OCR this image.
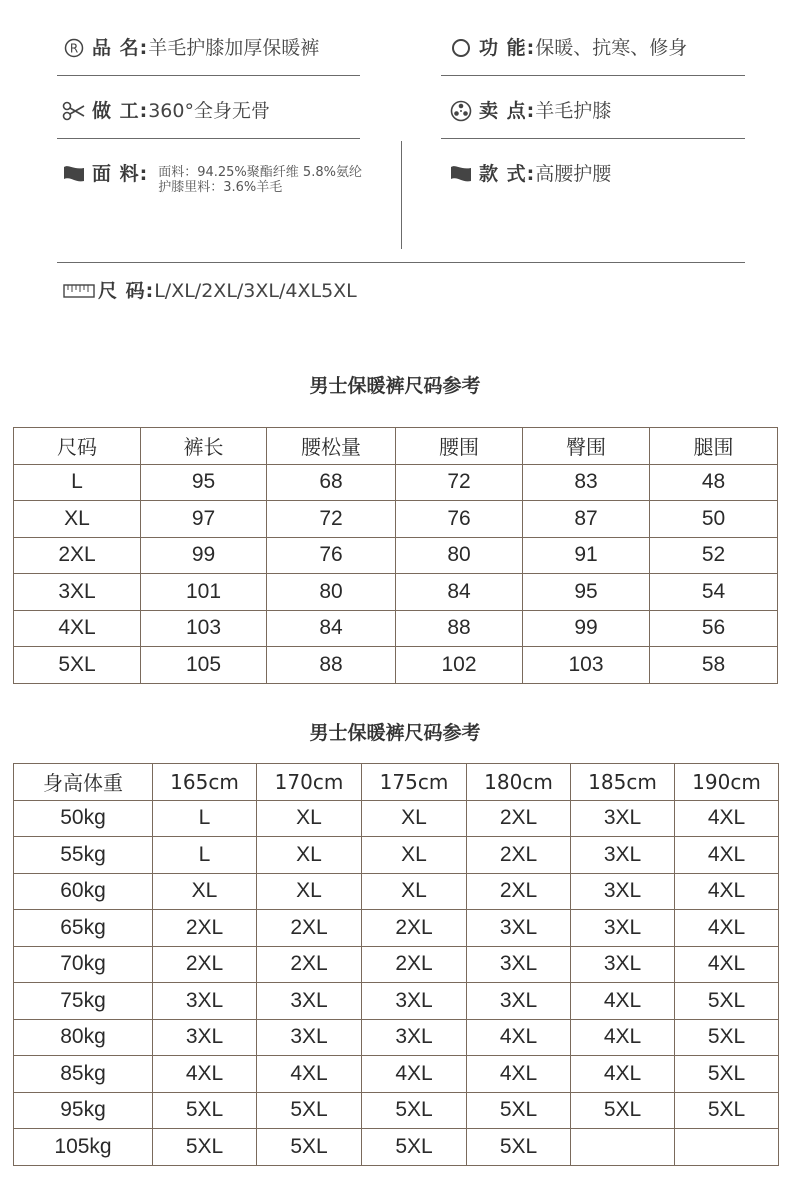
R 品 名: 羊毛护膝加厚保暖裤	功 能: 保暖、抗寒、修身
做 工: 360°全身无骨	卖 点: 羊毛护膝
面 料: 面料：94.25%聚酯纤维 5.8%氨纶
护膝里料：3.6%羊毛
款 式: 高腰护腰
尺 码: L/XL/2XL/3XL/4XL5XL
男士保暖裤尺码参考
尺码	裤长	腰松量	腰围	臀围	腿围
L	95	68	72	83	48
XL	97	72	76	87	50
2XL	99	76	80	91	52
3XL	101	80	84	95	54
4XL	103	84	88	99	56
5XL	105	88	102	103	58
男士保暖裤尺码参考
身高体重	165cm	170cm	175cm	180cm	185cm	190cm
50kg	L	XL	XL	2XL	3XL	4XL
55kg	L	XL	XL	2XL	3XL	4XL
60kg	XL	XL	XL	2XL	3XL	4XL
65kg	2XL	2XL	2XL	3XL	3XL	4XL
70kg	2XL	2XL	2XL	3XL	3XL	4XL
75kg	3XL	3XL	3XL	3XL	4XL	5XL
80kg	3XL	3XL	3XL	4XL	4XL	5XL
85kg	4XL	4XL	4XL	4XL	4XL	5XL
95kg	5XL	5XL	5XL	5XL	5XL	5XL
105kg	5XL	5XL	5XL	5XL		
